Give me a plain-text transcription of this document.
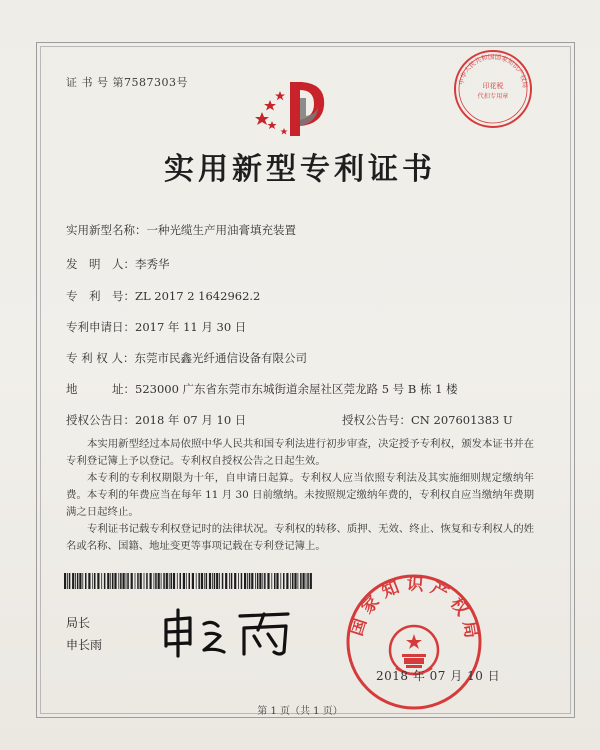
证 书 号 第7587303号	中华人民共和国国家知识产权局
印花税
代扣专用章
实用新型专利证书
实用新型名称：一种光缆生产用油膏填充装置
发　明　人：李秀华
专　利　号：ZL 2017 2 1642962.2
专利申请日：2017 年 11 月 30 日
专 利 权 人：东莞市民鑫光纤通信设备有限公司
地　　　址：523000 广东省东莞市东城街道余屋社区莞龙路 5 号 B 栋 1 楼
授权公告日：2018 年 07 月 10 日	授权公告号：CN 207601383 U
本实用新型经过本局依照中华人民共和国专利法进行初步审查，决定授予专利权，颁发本证书并在专利登记簿上予以登记。专利权自授权公告之日起生效。
本专利的专利权期限为十年，自申请日起算。专利权人应当依照专利法及其实施细则规定缴纳年费。本专利的年费应当在每年 11 月 30 日前缴纳。未按照规定缴纳年费的，专利权自应当缴纳年费期满之日起终止。
专利证书记载专利权登记时的法律状况。专利权的转移、质押、无效、终止、恢复和专利权人的姓名或名称、国籍、地址变更等事项记载在专利登记簿上。
局长
申长雨
国家知识产权局
2018 年 07 月 10 日
第 1 页（共 1 页）
